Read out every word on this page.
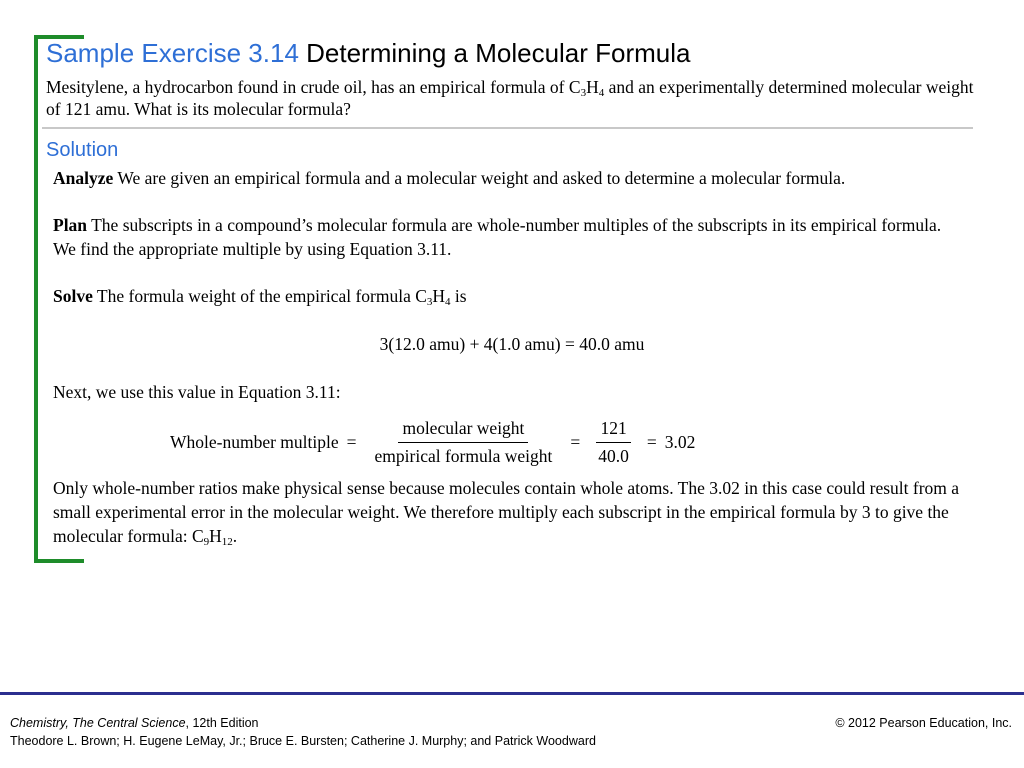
Sample Exercise 3.14 Determining a Molecular Formula
Mesitylene, a hydrocarbon found in crude oil, has an empirical formula of $C_3H_4$ and an experimentally determined molecular weight of 121 amu. What is its molecular formula?
Solution
Analyze We are given an empirical formula and a molecular weight and asked to determine a molecular formula.
Plan The subscripts in a compound’s molecular formula are whole-number multiples of the subscripts in its empirical formula. We find the appropriate multiple by using Equation 3.11.
Solve The formula weight of the empirical formula $C_3H_4$ is
3(12.0 amu) + 4(1.0 amu) = 40.0 amu
Next, we use this value in Equation 3.11:
Whole-number multiple = $\frac{\text{molecular weight}}{\text{empirical formula weight}} = \frac{121}{40.0} = 3.02$
Only whole-number ratios make physical sense because molecules contain whole atoms. The 3.02 in this case could result from a small experimental error in the molecular weight. We therefore multiply each subscript in the empirical formula by 3 to give the molecular formula: $C_9H_{12}$.
Chemistry, The Central Science, 12th Edition
Theodore L. Brown; H. Eugene LeMay, Jr.; Bruce E. Bursten; Catherine J. Murphy; and Patrick Woodward
© 2012 Pearson Education, Inc.
